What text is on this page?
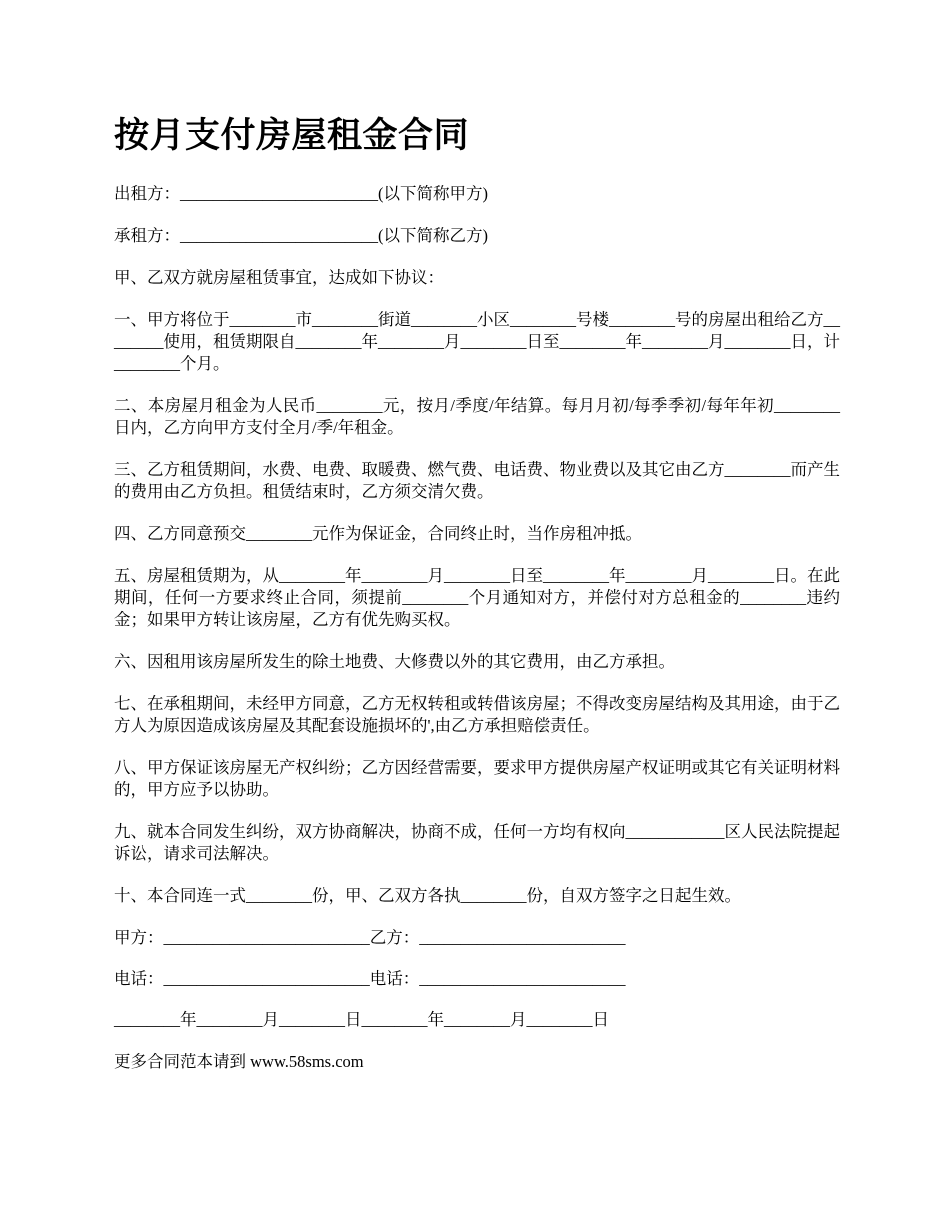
按月支付房屋租金合同

出租方：________________________(以下简称甲方)

承租方：________________________(以下简称乙方)

甲、乙双方就房屋租赁事宜，达成如下协议：

一、甲方将位于________市________街道________小区________号楼________号的房屋出租给乙方________使用，租赁期限自________年________月________日至________年________月________日，计________个月。

二、本房屋月租金为人民币________元，按月/季度/年结算。每月月初/每季季初/每年年初________日内，乙方向甲方支付全月/季/年租金。

三、乙方租赁期间，水费、电费、取暖费、燃气费、电话费、物业费以及其它由乙方________而产生的费用由乙方负担。租赁结束时，乙方须交清欠费。

四、乙方同意预交________元作为保证金，合同终止时，当作房租冲抵。

五、房屋租赁期为，从________年________月________日至________年________月________日。在此期间，任何一方要求终止合同，须提前________个月通知对方，并偿付对方总租金的________违约金；如果甲方转让该房屋，乙方有优先购买权。

六、因租用该房屋所发生的除土地费、大修费以外的其它费用，由乙方承担。

七、在承租期间，未经甲方同意，乙方无权转租或转借该房屋；不得改变房屋结构及其用途，由于乙方人为原因造成该房屋及其配套设施损坏的',由乙方承担赔偿责任。

八、甲方保证该房屋无产权纠纷；乙方因经营需要，要求甲方提供房屋产权证明或其它有关证明材料的，甲方应予以协助。

九、就本合同发生纠纷，双方协商解决，协商不成，任何一方均有权向____________区人民法院提起诉讼，请求司法解决。

十、本合同连一式________份，甲、乙双方各执________份，自双方签字之日起生效。

甲方：_________________________乙方：_________________________

电话：_________________________电话：_________________________

________年________月________日________年________月________日

更多合同范本请到 www.58sms.com
